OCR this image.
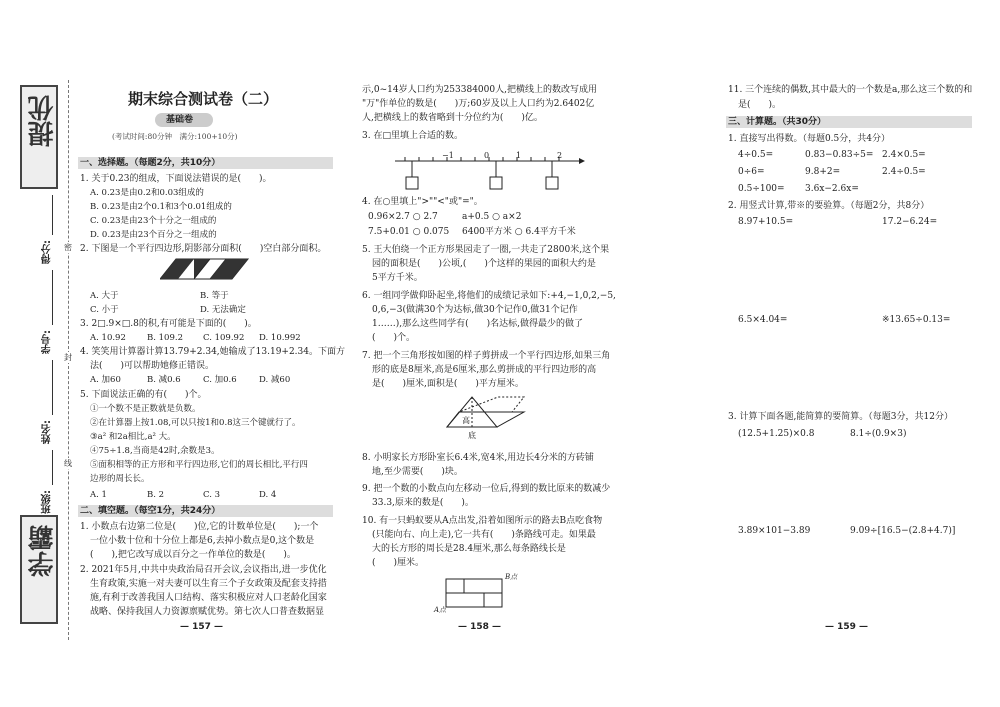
提优
学霸
得分:
学号:
姓名:
班级:
密
封
线
期末综合测试卷（二）
基础卷
(考试时间:80分钟　满分:100+10分)
一、选择题。（每题2分，共10分）
1. 关于0.23的组成，下面说法错误的是(　　)。
A. 0.23是由0.2和0.03组成的
B. 0.23是由2个0.1和3个0.01组成的
C. 0.23是由23个十分之一组成的
D. 0.23是由23个百分之一组成的
2. 下图是一个平行四边形,阴影部分面积(　　)空白部分面积。
A. 大于	B. 等于
C. 小于	D. 无法确定
3. 2□.9×□.8的积,有可能是下面的(　　)。
A. 10.92 B. 109.2 C. 109.92 D. 10.992
4. 笑笑用计算器计算13.79+2.34,她输成了13.19+2.34。下面方
法(　　)可以帮助她修正错误。
A. 加60	B. 减0.6	C. 加0.6	D. 减60
5. 下面说法正确的有(　　)个。
①一个数不是正数就是负数。
②在计算器上按1.08,可以只按1和0.8这三个键就行了。
③a² 和2a相比,a² 大。
④75÷1.8,当商是42时,余数是3。
⑤面积相等的正方形和平行四边形,它们的周长相比,平行四
边形的周长长。
A. 1	B. 2	C. 3	D. 4
二、填空题。（每空1分，共24分）
1. 小数点右边第二位是(　　)位,它的计数单位是(　　);一个
一位小数十位和十分位上都是6,去掉小数点是0,这个数是
(　　),把它改写成以百分之一作单位的数是(　　)。
2. 2021年5月,中共中央政治局召开会议,会议指出,进一步优化
生育政策,实施一对夫妻可以生育三个子女政策及配套支持措
施,有利于改善我国人口结构、落实积极应对人口老龄化国家
战略、保持我国人力资源禀赋优势。第七次人口普查数据显
— 157 —
示,0~14岁人口约为253384000人,把横线上的数改写成用
"万"作单位的数是(　　)万;60岁及以上人口约为2.6402亿
人,把横线上的数省略到十分位约为(　　)亿。
3. 在□里填上合适的数。
−1	0	1	2
4. 在○里填上">""<"或"="。
0.96×2.7 ○ 2.7	a+0.5 ○ a×2
7.5+0.01 ○ 0.075 6400平方米 ○ 6.4平方千米
5. 王大伯绕一个正方形果园走了一圈,一共走了2800米,这个果
园的面积是(　　)公顷,(　　)个这样的果园的面积大约是
5平方千米。
6. 一组同学做仰卧起坐,将他们的成绩记录如下:+4,−1,0,2,−5,
0,6,−3(做满30个为达标,做30个记作0,做31个记作
1……),那么这些同学有(　　)名达标,做得最少的做了
(　　)个。
7. 把一个三角形按如图的样子剪拼成一个平行四边形,如果三角
形的底是8厘米,高是6厘米,那么剪拼成的平行四边形的高
是(　　)厘米,面积是(　　)平方厘米。
高
底
8. 小明家长方形卧室长6.4米,宽4米,用边长4分米的方砖铺
地,至少需要(　　)块。
9. 把一个数的小数点向左移动一位后,得到的数比原来的数减少
33.3,原来的数是(　　)。
10. 有一只蚂蚁要从A点出发,沿着如图所示的路去B点吃食物
(只能向右、向上走),它一共有(　　)条路线可走。如果最
大的长方形的周长是28.4厘米,那么每条路线长是
(　　)厘米。
B点
A点
— 158 —
11. 三个连续的偶数,其中最大的一个数是a,那么这三个数的和
是(　　)。
三、计算题。（共30分）
1. 直接写出得数。（每题0.5分，共4分）
4÷0.5=	0.83−0.83÷5= 2.4×0.5=
0÷6=	9.8+2=	2.4÷0.5=
0.5÷100= 3.6x−2.6x=
2. 用竖式计算,带※的要验算。（每题2分，共8分）
8.97+10.5=	17.2−6.24=
6.5×4.04=	※13.65÷0.13=
3. 计算下面各题,能简算的要简算。（每题3分，共12分）
(12.5+1.25)×0.8	8.1÷(0.9×3)
3.89×101−3.89	9.09÷[16.5−(2.8+4.7)]
— 159 —
